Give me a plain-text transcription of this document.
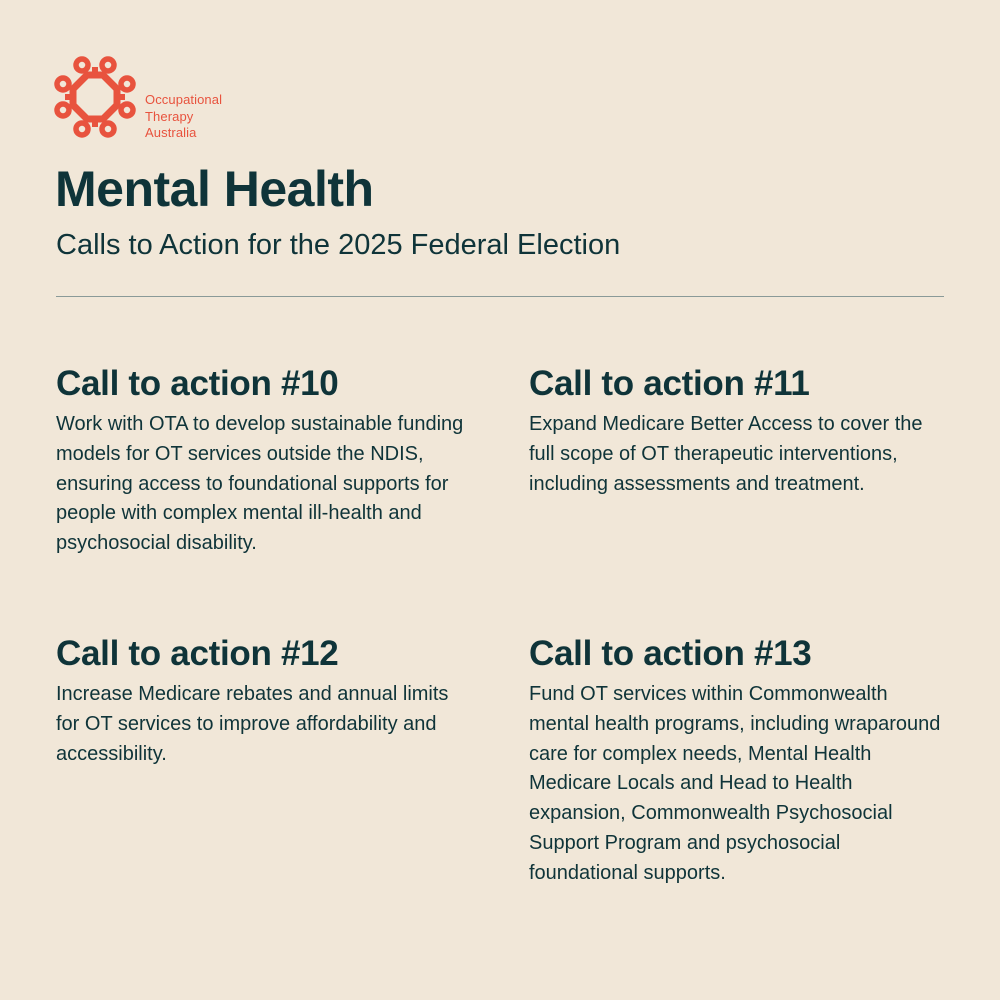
Occupational
Therapy
Australia
Mental Health

Calls to Action for the 2025 Federal Election

Call to action #10

Work with OTA to develop sustainable funding models for OT services outside the NDIS, ensuring access to foundational supports for people with complex mental ill-health and psychosocial disability.

Call to action #11

Expand Medicare Better Access to cover the full scope of OT therapeutic interventions, including assessments and treatment.

Call to action #12

Increase Medicare rebates and annual limits for OT services to improve affordability and accessibility.

Call to action #13

Fund OT services within Commonwealth mental health programs, including wraparound care for complex needs, Mental Health Medicare Locals and Head to Health expansion, Commonwealth Psychosocial Support Program and psychosocial foundational supports.
